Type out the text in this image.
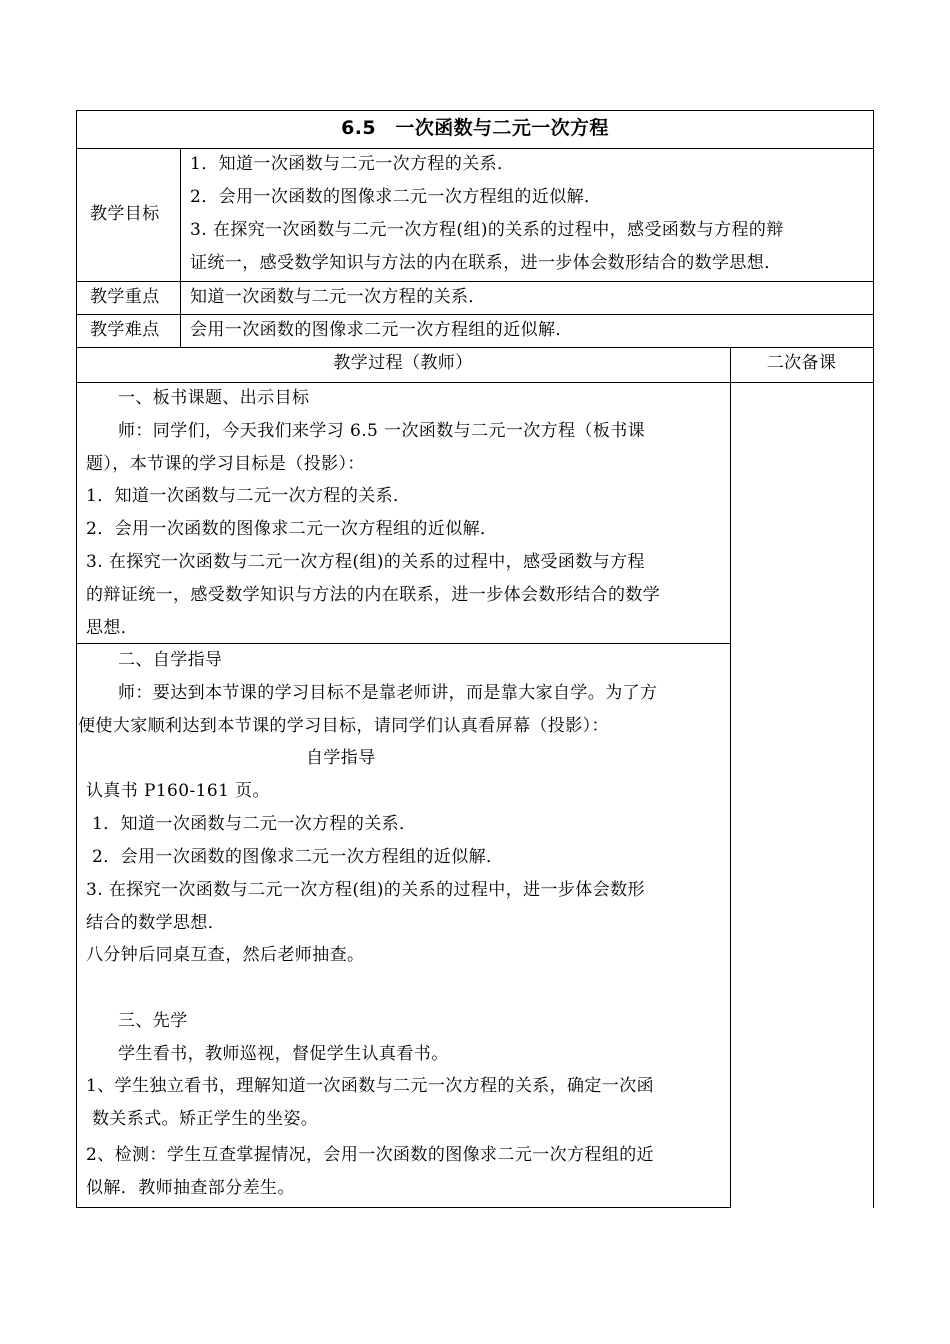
6.5　一次函数与二元一次方程
教学目标
1．知道一次函数与二元一次方程的关系．
2．会用一次函数的图像求二元一次方程组的近似解．
3. 在探究一次函数与二元一次方程(组)的关系的过程中，感受函数与方程的辩
证统一，感受数学知识与方法的内在联系，进一步体会数形结合的数学思想．
教学重点 知道一次函数与二元一次方程的关系．
教学难点 会用一次函数的图像求二元一次方程组的近似解．
教学过程（教师）	二次备课
一、板书课题、出示目标
师：同学们，今天我们来学习 6.5 一次函数与二元一次方程（板书课
题），本节课的学习目标是（投影）：
1．知道一次函数与二元一次方程的关系．
2．会用一次函数的图像求二元一次方程组的近似解．
3. 在探究一次函数与二元一次方程(组)的关系的过程中，感受函数与方程
的辩证统一，感受数学知识与方法的内在联系，进一步体会数形结合的数学
思想．
二、自学指导
师：要达到本节课的学习目标不是靠老师讲，而是靠大家自学。为了方
便使大家顺利达到本节课的学习目标，请同学们认真看屏幕（投影）：
自学指导
认真书 P160-161 页。
1．知道一次函数与二元一次方程的关系．
2．会用一次函数的图像求二元一次方程组的近似解．
3. 在探究一次函数与二元一次方程(组)的关系的过程中，进一步体会数形
结合的数学思想．
八分钟后同桌互查，然后老师抽查。
三、先学
学生看书，教师巡视，督促学生认真看书。
1、学生独立看书，理解知道一次函数与二元一次方程的关系，确定一次函
数关系式。矫正学生的坐姿。
2、检测：学生互查掌握情况，会用一次函数的图像求二元一次方程组的近
似解．教师抽查部分差生。
